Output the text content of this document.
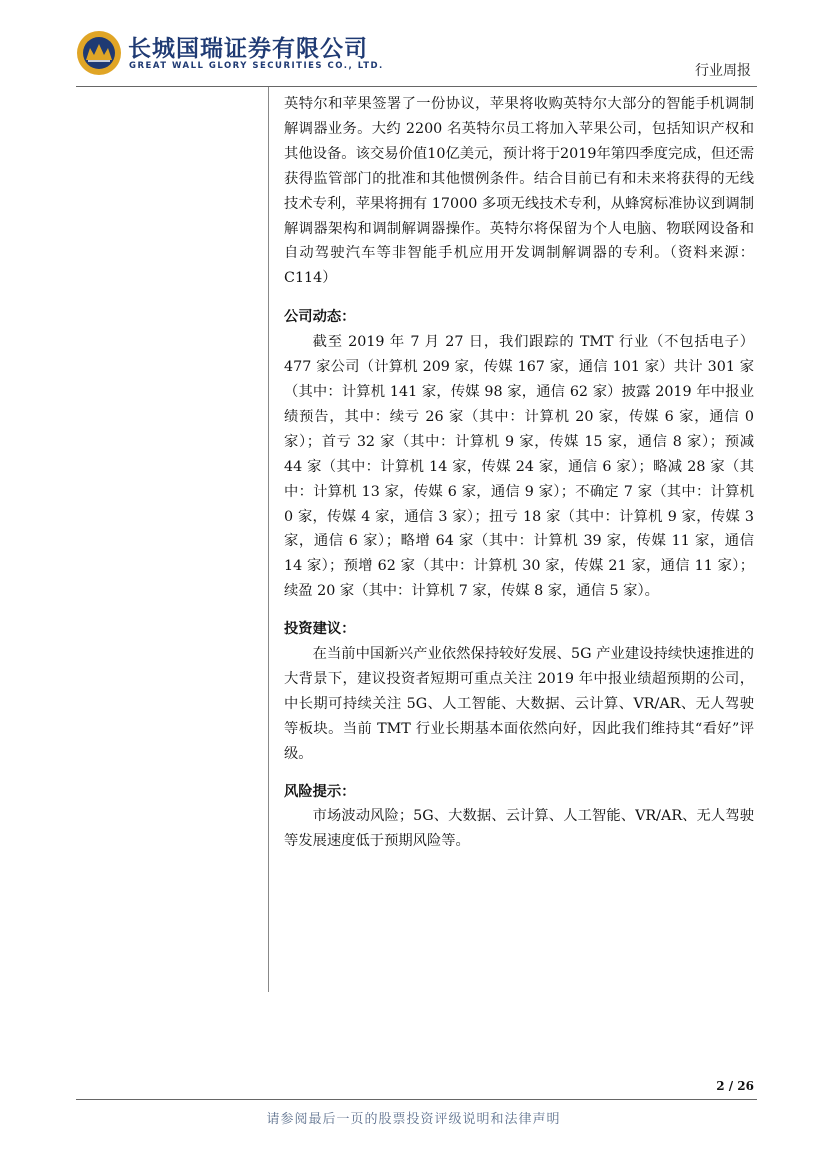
长城国瑞证券有限公司
GREAT WALL GLORY SECURITIES CO., LTD.	行业周报

英特尔和苹果签署了一份协议，苹果将收购英特尔大部分的智能手机调制解调器业务。大约 2200 名英特尔员工将加入苹果公司，包括知识产权和其他设备。该交易价值10亿美元，预计将于2019年第四季度完成，但还需获得监管部门的批准和其他惯例条件。结合目前已有和未来将获得的无线技术专利，苹果将拥有 17000 多项无线技术专利，从蜂窝标准协议到调制解调器架构和调制解调器操作。英特尔将保留为个人电脑、物联网设备和自动驾驶汽车等非智能手机应用开发调制解调器的专利。（资料来源：C114）

公司动态：

截至 2019 年 7 月 27 日，我们跟踪的 TMT 行业（不包括电子）477 家公司（计算机 209 家，传媒 167 家，通信 101 家）共计 301 家（其中：计算机 141 家，传媒 98 家，通信 62 家）披露 2019 年中报业绩预告，其中：续亏 26 家（其中：计算机 20 家，传媒 6 家，通信 0 家）；首亏 32 家（其中：计算机 9 家，传媒 15 家，通信 8 家）；预减 44 家（其中：计算机 14 家，传媒 24 家，通信 6 家）；略减 28 家（其中：计算机 13 家，传媒 6 家，通信 9 家）；不确定 7 家（其中：计算机 0 家，传媒 4 家，通信 3 家）；扭亏 18 家（其中：计算机 9 家，传媒 3 家，通信 6 家）；略增 64 家（其中：计算机 39 家，传媒 11 家，通信 14 家）；预增 62 家（其中：计算机 30 家，传媒 21 家，通信 11 家）；续盈 20 家（其中：计算机 7 家，传媒 8 家，通信 5 家）。

投资建议：

在当前中国新兴产业依然保持较好发展、5G 产业建设持续快速推进的大背景下，建议投资者短期可重点关注 2019 年中报业绩超预期的公司，中长期可持续关注 5G、人工智能、大数据、云计算、VR/AR、无人驾驶等板块。当前 TMT 行业长期基本面依然向好，因此我们维持其“看好”评级。

风险提示：

市场波动风险；5G、大数据、云计算、人工智能、VR/AR、无人驾驶等发展速度低于预期风险等。

2 / 26
请参阅最后一页的股票投资评级说明和法律声明
